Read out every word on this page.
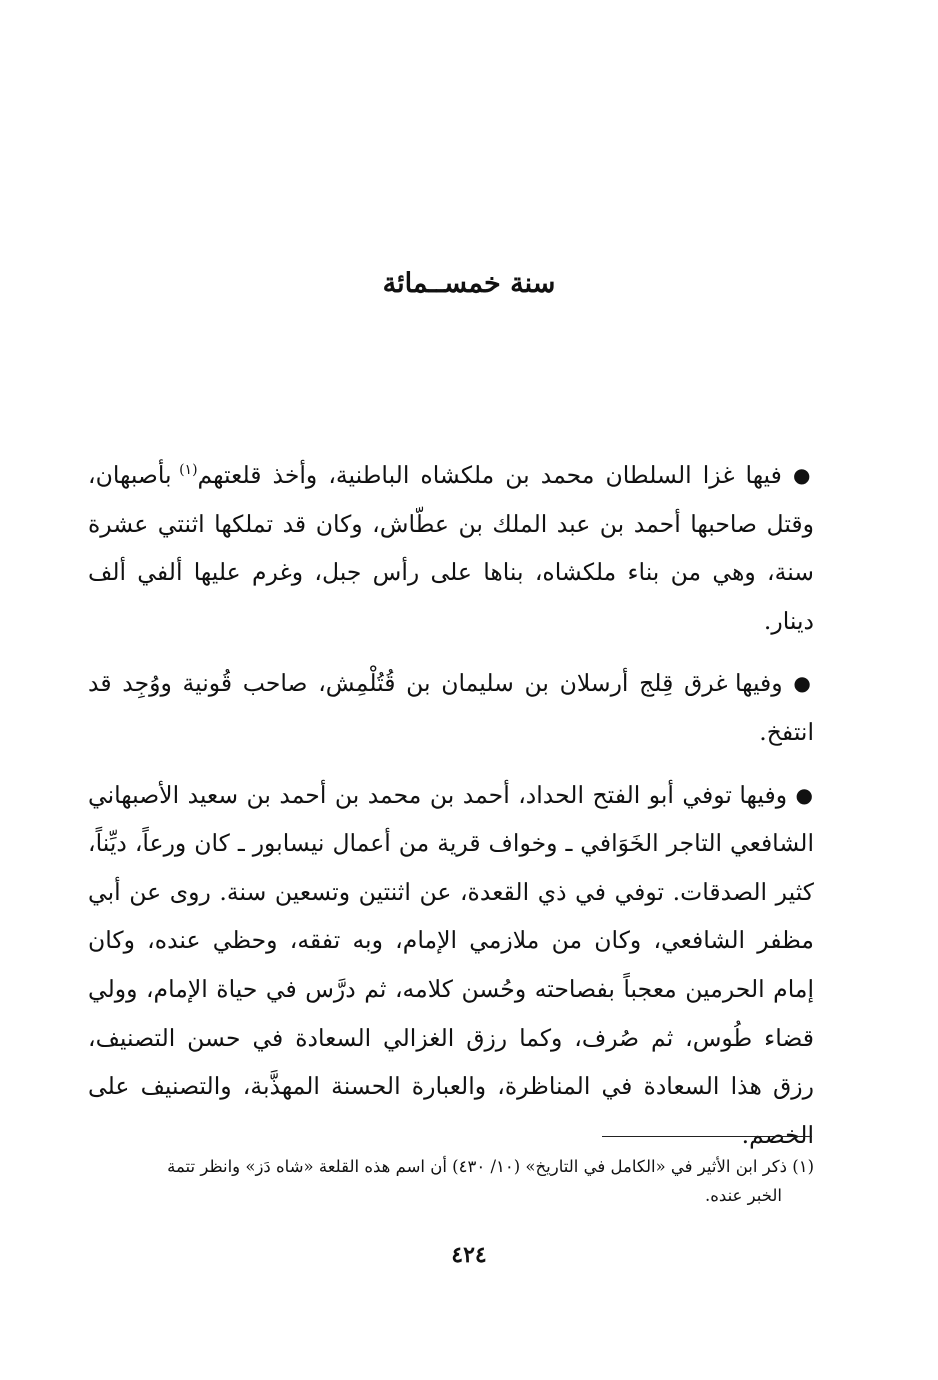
سنة خمســمائة

● فيها غزا السلطان محمد بن ملكشاه الباطنية، وأخذ قلعتهم$^{(١)}$ بأصبهان، وقتل صاحبها أحمد بن عبد الملك بن عطّاش، وكان قد تملكها اثنتي عشرة سنة، وهي من بناء ملكشاه، بناها على رأس جبل، وغرم عليها ألفي ألف دينار.

● وفيها غرق قِلج أرسلان بن سليمان بن قُتُلْمِش، صاحب قُونية ووُجِد قد انتفخ.

● وفيها توفي أبو الفتح الحداد، أحمد بن محمد بن أحمد بن سعيد الأصبهاني الشافعي التاجر الخَوَافي ـ وخواف قرية من أعمال نيسابور ـ كان ورعاً، ديِّناً، كثير الصدقات. توفي في ذي القعدة، عن اثنتين وتسعين سنة. روى عن أبي مظفر الشافعي، وكان من ملازمي الإمام، وبه تفقه، وحظي عنده، وكان إمام الحرمين معجباً بفصاحته وحُسن كلامه، ثم درَّس في حياة الإمام، وولي قضاء طُوس، ثم صُرف، وكما رزق الغزالي السعادة في حسن التصنيف، رزق هذا السعادة في المناظرة، والعبارة الحسنة المهذَّبة، والتصنيف على الخصم.

(١) ذكر ابن الأثير في «الكامل في التاريخ» (١٠/ ٤٣٠) أن اسم هذه القلعة «شاه دَز» وانظر تتمة
الخبر عنده.
٤٢٤
